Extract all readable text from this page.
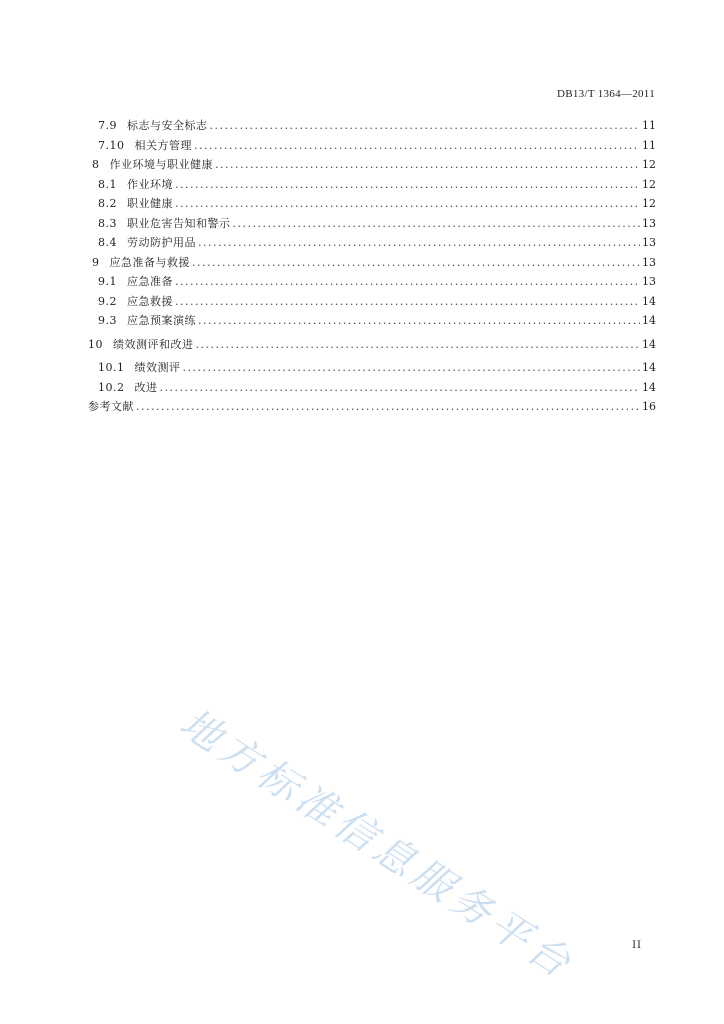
DB13/T 1364—2011
7.9 标志与安全标志 .....	11
7.10 相关方管理 .....	11
8 作业环境与职业健康 .....	12
8.1 作业环境 .....	12
8.2 职业健康 .....	12
8.3 职业危害告知和警示 .....	13
8.4 劳动防护用品 .....	13
9 应急准备与救援 .....	13
9.1 应急准备 .....	13
9.2 应急救援 .....	14
9.3 应急预案演练 .....	14
10 绩效测评和改进 .....	14
10.1 绩效测评 .....	14
10.2 改进 .....	14
参考文献 .....	16
地方标准信息服务平台	II
